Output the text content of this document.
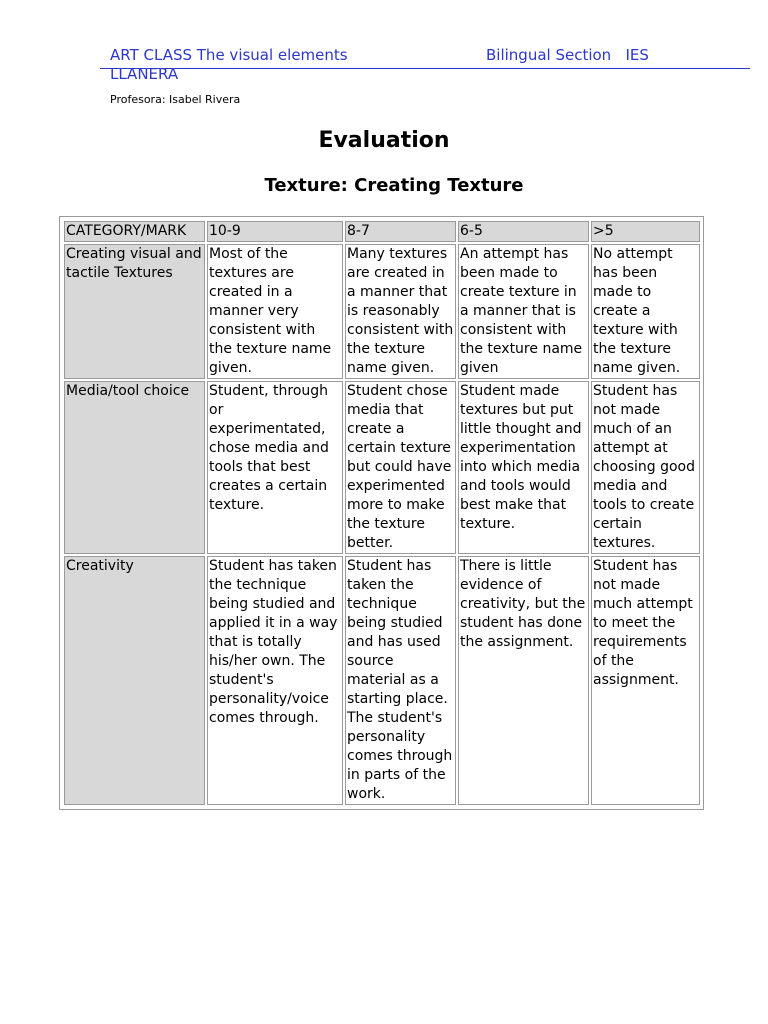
ART CLASS The visual elements LLANERA
Bilingual Section   IES
Profesora: Isabel Rivera
Evaluation
Texture: Creating Texture
CATEGORY/MARK	10-9	8-7	6-5	>5
Creating visual and tactile Textures	Most of the textures are created in a manner very consistent with the texture name given.	Many textures are created in a manner that is reasonably consistent with the texture name given.	An attempt has been made to create texture in a manner that is consistent with the texture name given	No attempt has been made to create a texture with the texture name given.
Media/tool choice	Student, through or experimentated, chose media and tools that best creates a certain texture.	Student chose media that create a certain texture but could have experimented more to make the texture better.	Student made textures but put little thought and experimentation into which media and tools would best make that texture.	Student has not made much of an attempt at choosing good media and tools to create certain textures.
Creativity	Student has taken the technique being studied and applied it in a way that is totally his/her own. The student's personality/voice comes through.	Student has taken the technique being studied and has used source material as a starting place. The student's personality comes through in parts of the work.	There is little evidence of creativity, but the student has done the assignment.	Student has not made much attempt to meet the requirements of the assignment.
